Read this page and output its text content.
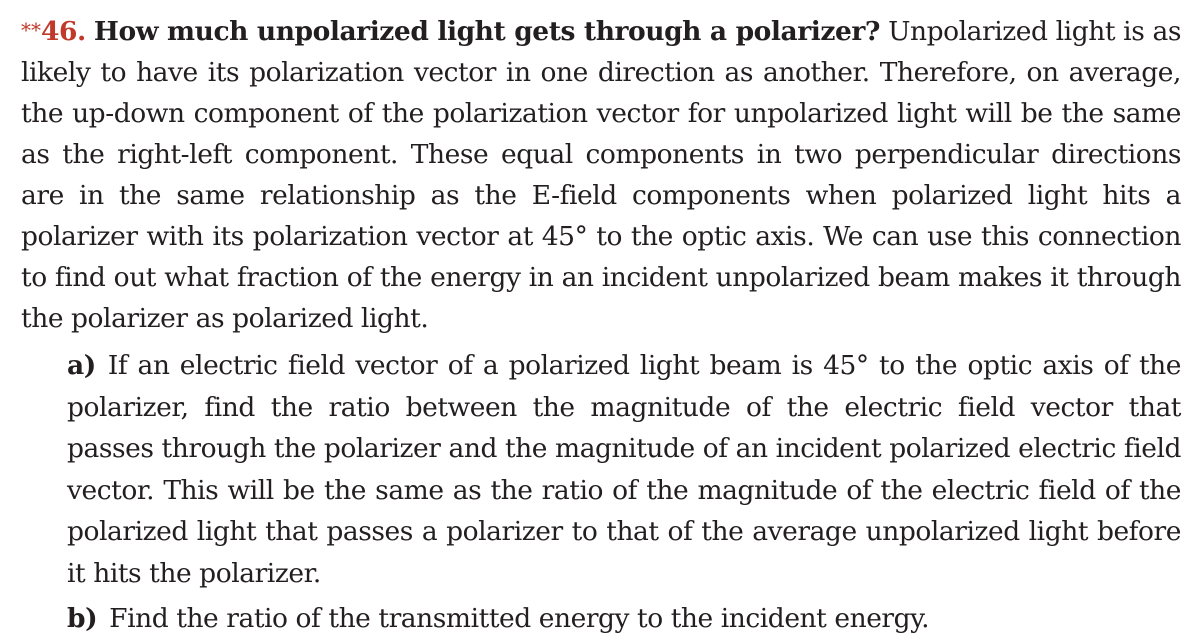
**46. How much unpolarized light gets through a polarizer? Unpolarized light is as likely to have its polarization vector in one direction as another. Therefore, on average, the up-down component of the polarization vector for unpolarized light will be the same as the right-left component. These equal components in two perpendicular directions are in the same relationship as the E-field components when polarized light hits a polarizer with its polarization vector at 45° to the optic axis. We can use this connection to find out what fraction of the energy in an incident unpolarized beam makes it through the polarizer as polarized light.

a) If an electric field vector of a polarized light beam is 45° to the optic axis of the polarizer, find the ratio between the magnitude of the electric field vector that passes through the polarizer and the magnitude of an incident polarized electric field vector. This will be the same as the ratio of the magnitude of the electric field of the polarized light that passes a polarizer to that of the average unpolarized light before it hits the polarizer.
b) Find the ratio of the transmitted energy to the incident energy.
